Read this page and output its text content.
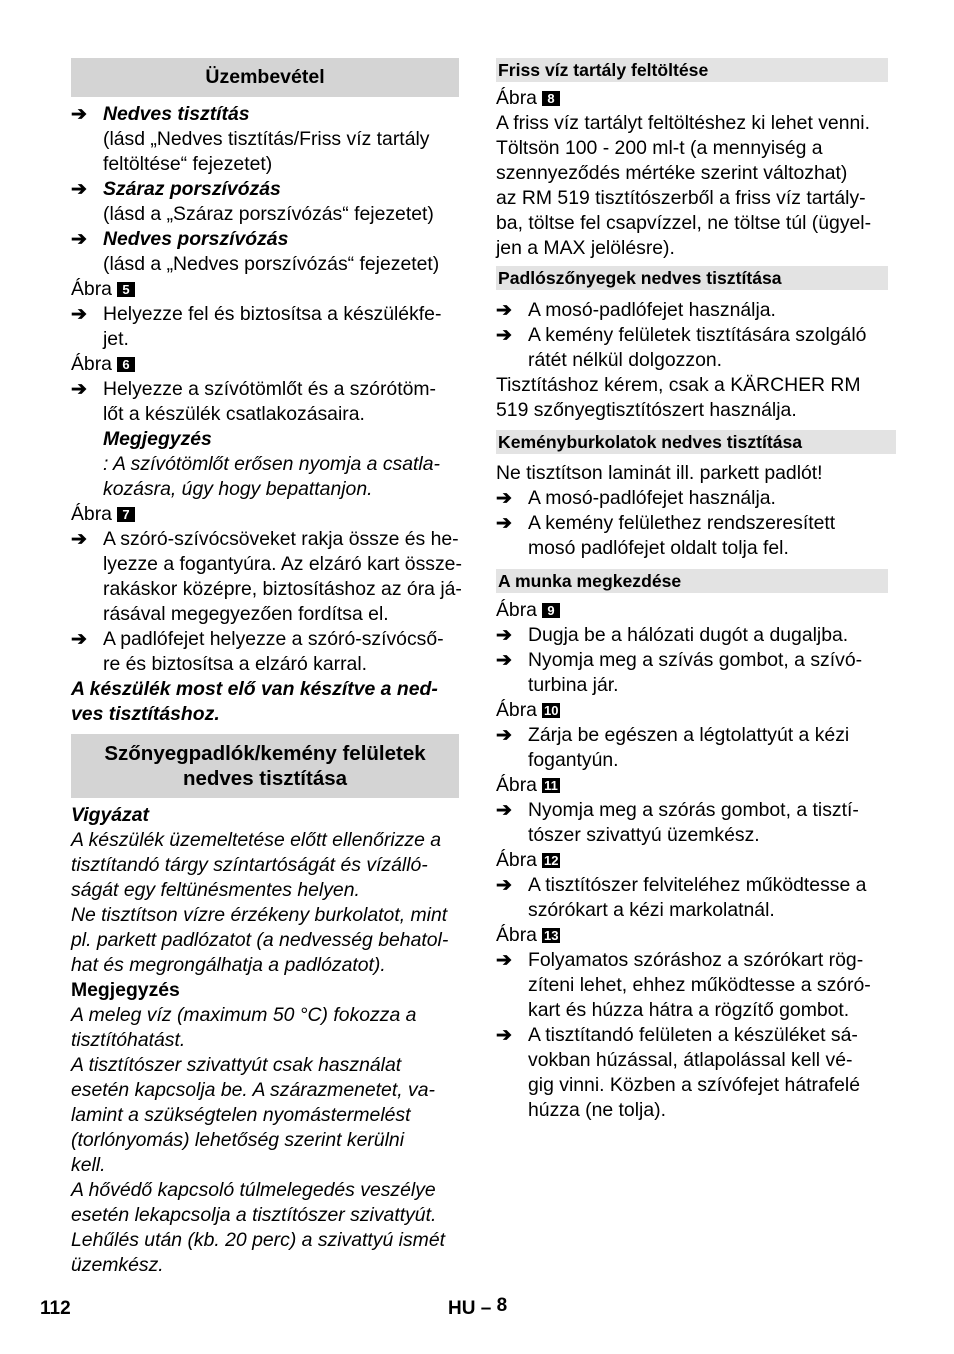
Üzembevétel
➔ Nedves tisztítás
(lásd „Nedves tisztítás/Friss víz tartály
feltöltése“ fejezetet)
➔ Száraz porszívózás
(lásd a „Száraz porszívózás“ fejezetet)
➔ Nedves porszívózás
(lásd a „Nedves porszívózás“ fejezetet)
Ábra 5
➔ Helyezze fel és biztosítsa a készülékfe-
jet.
Ábra 6
➔ Helyezze a szívótömlőt és a szórótöm-
lőt a készülék csatlakozásaira.
Megjegyzés
: A szívótömlőt erősen nyomja a csatla-
kozásra, úgy hogy bepattanjon.
Ábra 7
➔ A szóró-szívócsöveket rakja össze és he-
lyezze a fogantyúra. Az elzáró kart össze-
rakáskor középre, biztosításhoz az óra já-
rásával megegyezően fordítsa el.
➔ A padlófejet helyezze a szóró-szívócső-
re és biztosítsa a elzáró karral.
A készülék most elő van készítve a ned-
ves tisztításhoz.
Szőnyegpadlók/kemény felületek
nedves tisztítása
Vigyázat
A készülék üzemeltetése előtt ellenőrizze a
tisztítandó tárgy színtartóságát és vízálló-
ságát egy feltünésmentes helyen.
Ne tisztítson vízre érzékeny burkolatot, mint
pl. parkett padlózatot (a nedvesség behatol-
hat és megrongálhatja a padlózatot).
Megjegyzés
A meleg víz (maximum 50 °C) fokozza a
tisztítóhatást.
A tisztítószer szivattyút csak használat
esetén kapcsolja be. A szárazmenetet, va-
lamint a szükségtelen nyomástermelést
(torlónyomás) lehetőség szerint kerülni
kell.
A hővédő kapcsoló túlmelegedés veszélye
esetén lekapcsolja a tisztítószer szivattyút.
Lehűlés után (kb. 20 perc) a szivattyú ismét
üzemkész.
Friss víz tartály feltöltése
Ábra 8
A friss víz tartályt feltöltéshez ki lehet venni.
Töltsön 100 - 200 ml-t (a mennyiség a
szennyeződés mértéke szerint változhat)
az RM 519 tisztítószerből a friss víz tartály-
ba, töltse fel csapvízzel, ne töltse túl (ügyel-
jen a MAX jelölésre).
Padlószőnyegek nedves tisztítása
➔ A mosó-padlófejet használja.
➔ A kemény felületek tisztítására szolgáló
rátét nélkül dolgozzon.
Tisztításhoz kérem, csak a KÄRCHER RM
519 szőnyegtisztítószert használja.
Keményburkolatok nedves tisztítása
Ne tisztítson laminát ill. parkett padlót!
➔ A mosó-padlófejet használja.
➔ A kemény felülethez rendszeresített
mosó padlófejet oldalt tolja fel.
A munka megkezdése
Ábra 9
➔ Dugja be a hálózati dugót a dugaljba.
➔ Nyomja meg a szívás gombot, a szívó-
turbina jár.
Ábra 10
➔ Zárja be egészen a légtolattyút a kézi
fogantyún.
Ábra 11
➔ Nyomja meg a szórás gombot, a tisztí-
tószer szivattyú üzemkész.
Ábra 12
➔ A tisztítószer felviteléhez működtesse a
szórókart a kézi markolatnál.
Ábra 13
➔ Folyamatos szóráshoz a szórókart rög-
zíteni lehet, ehhez működtesse a szóró-
kart és húzza hátra a rögzítő gombot.
➔ A tisztítandó felületen a készüléket sá-
vokban húzással, átlapolással kell vé-
gig vinni. Közben a szívófejet hátrafelé
húzza (ne tolja).
112	HU – 8
